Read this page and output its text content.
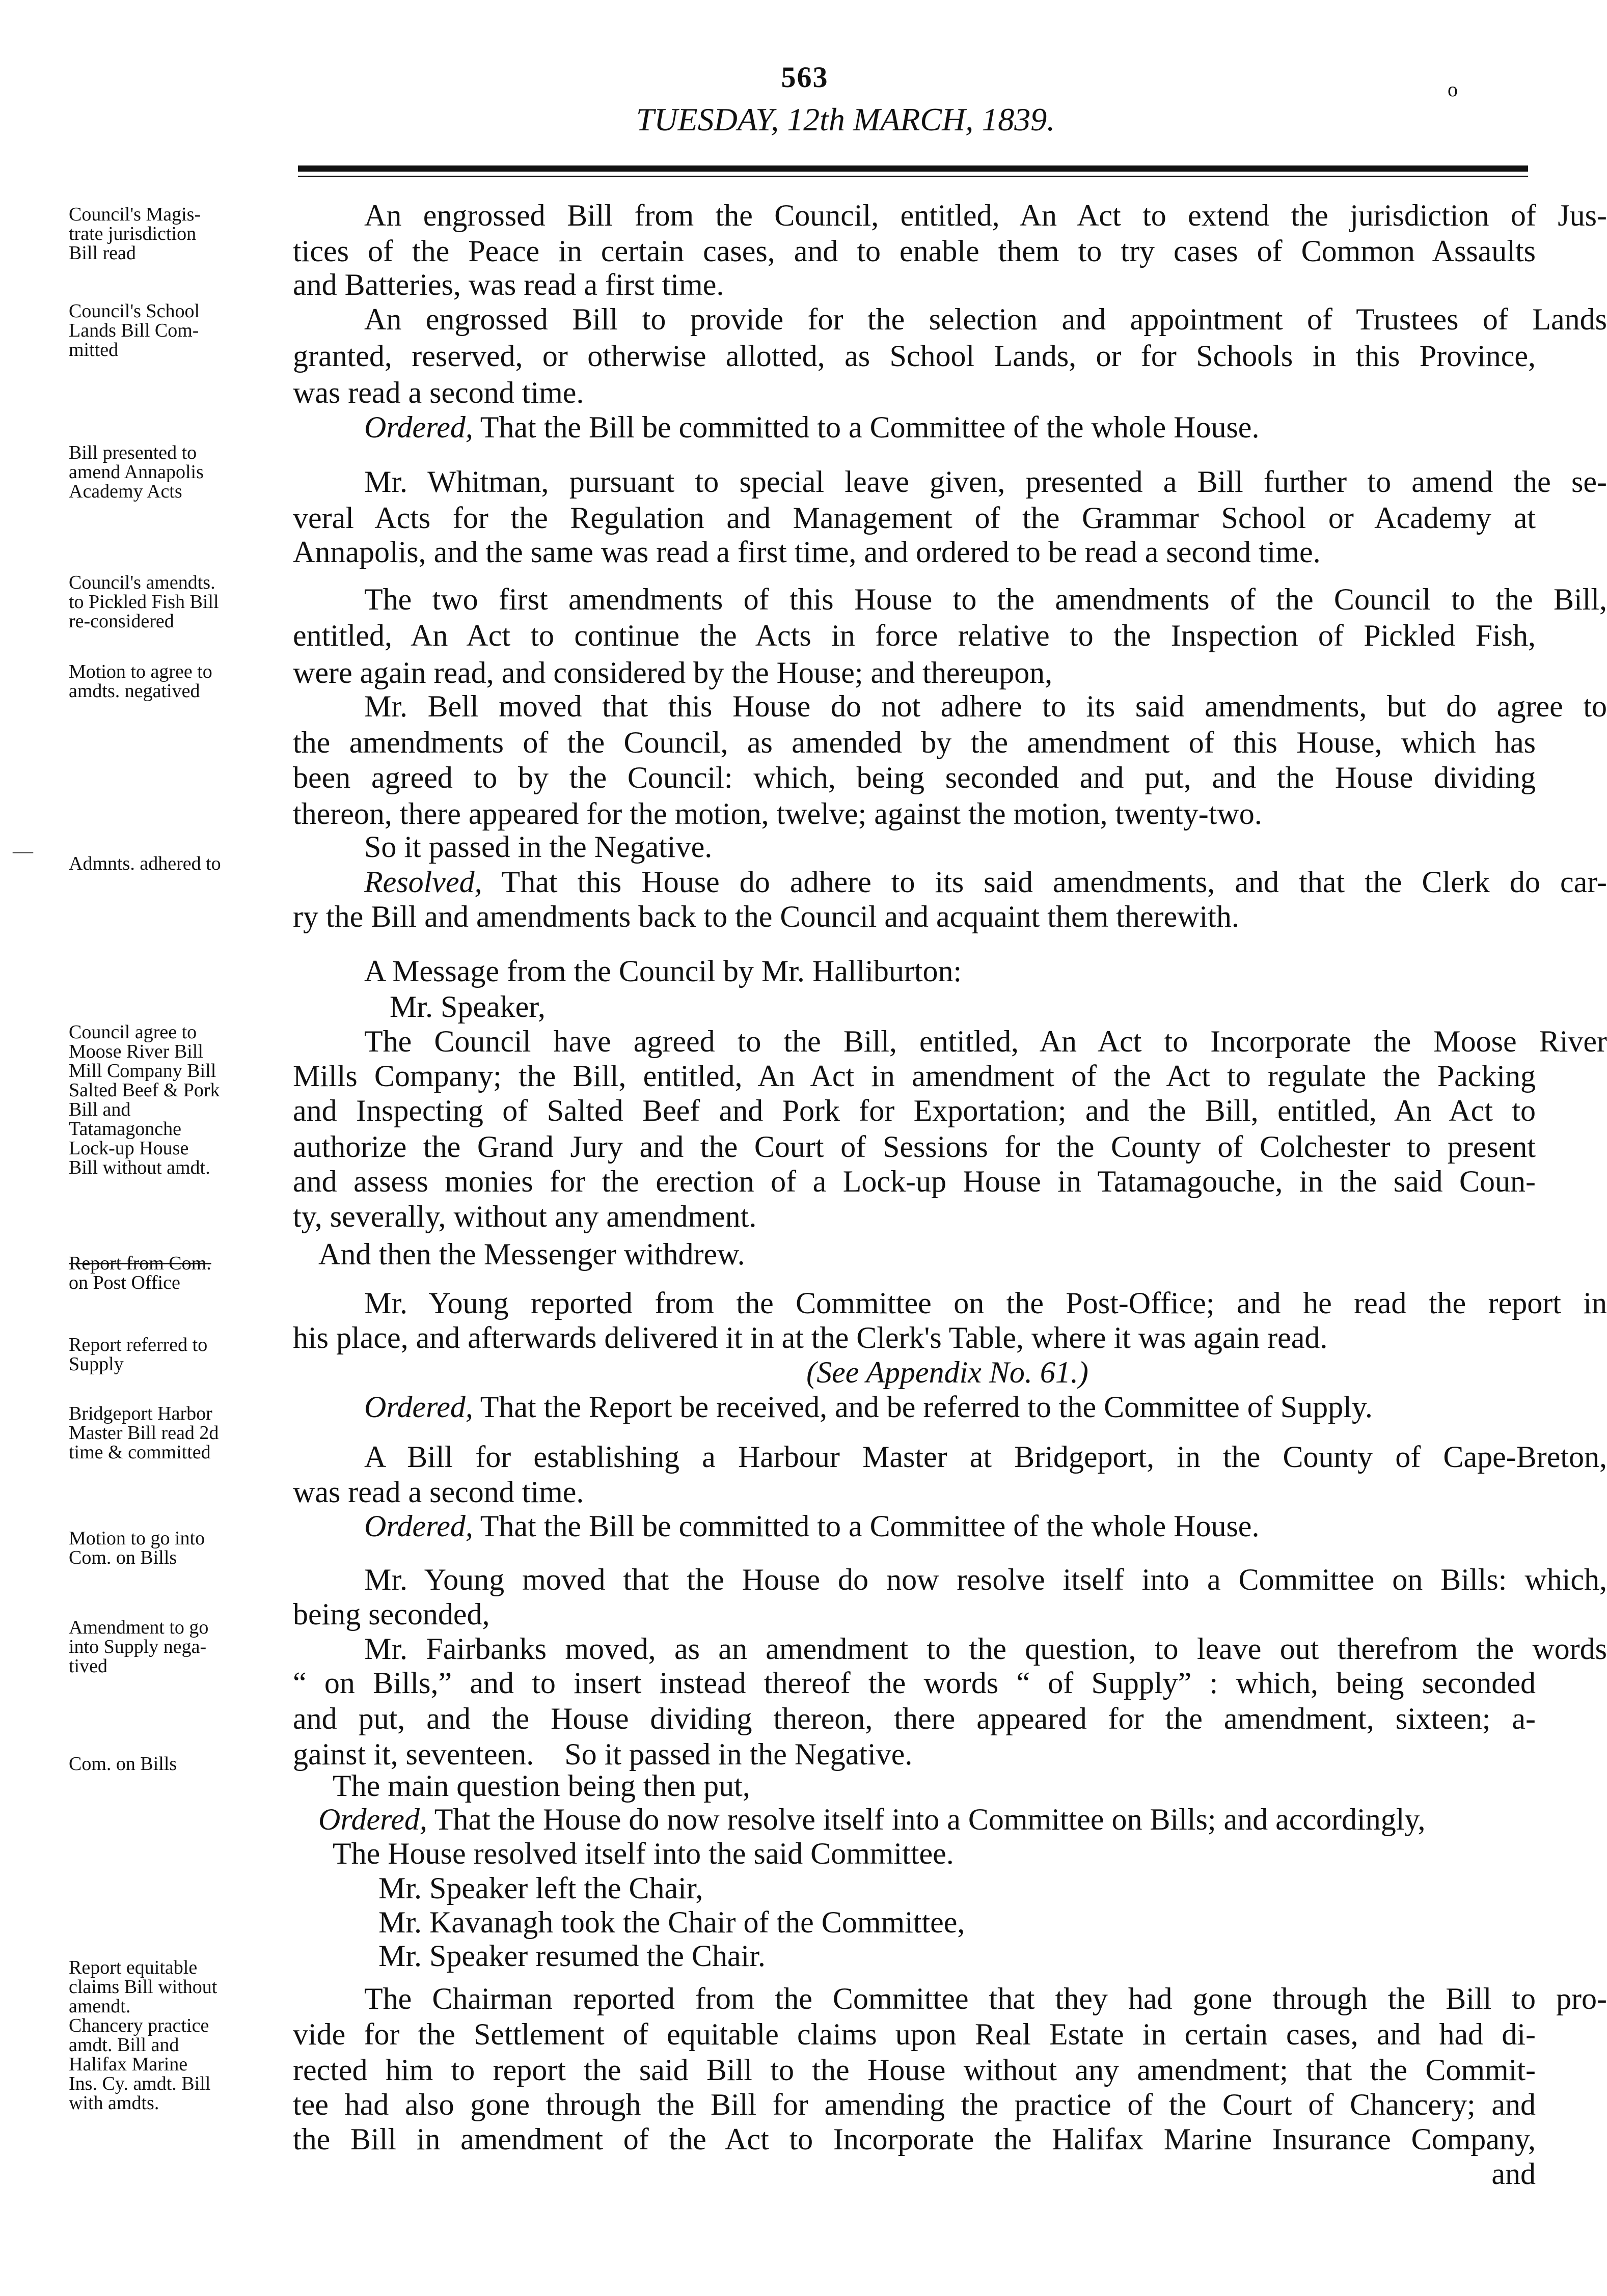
563	o
TUESDAY, 12th MARCH, 1839.
Council's Magis-
trate jurisdiction
Bill read
Council's School
Lands Bill Com-
mitted
Bill presented to
amend Annapolis
Academy Acts
Council's amendts.
to Pickled Fish Bill
re-considered
Motion to agree to
amdts. negatived
Admnts. adhered to
Council agree to
Moose River Bill
Mill Company Bill
Salted Beef & Pork
Bill and
Tatamagonche
Lock-up House
Bill without amdt.
—
Report from Com.
on Post Office
Report referred to
Supply
Bridgeport Harbor
Master Bill read 2d
time & committed
Motion to go into
Com. on Bills
Amendment to go
into Supply nega-
tived
Com. on Bills
Report equitable
claims Bill without
amendt.
Chancery practice
amdt. Bill and
Halifax Marine
Ins. Cy. amdt. Bill
with amdts.
An engrossed Bill from the Council, entitled, An Act to extend the jurisdiction of Jus-
tices of the Peace in certain cases, and to enable them to try cases of Common Assaults
and Batteries, was read a first time.
An engrossed Bill to provide for the selection and appointment of Trustees of Lands
granted, reserved, or otherwise allotted, as School Lands, or for Schools in this Province,
was read a second time.
Ordered, That the Bill be committed to a Committee of the whole House.
Mr. Whitman, pursuant to special leave given, presented a Bill further to amend the se-
veral Acts for the Regulation and Management of the Grammar School or Academy at
Annapolis, and the same was read a first time, and ordered to be read a second time.
The two first amendments of this House to the amendments of the Council to the Bill,
entitled, An Act to continue the Acts in force relative to the Inspection of Pickled Fish,
were again read, and considered by the House; and thereupon,
Mr. Bell moved that this House do not adhere to its said amendments, but do agree to
the amendments of the Council, as amended by the amendment of this House, which has
been agreed to by the Council: which, being seconded and put, and the House dividing
thereon, there appeared for the motion, twelve; against the motion, twenty-two.
So it passed in the Negative.
Resolved, That this House do adhere to its said amendments, and that the Clerk do car-
ry the Bill and amendments back to the Council and acquaint them therewith.
A Message from the Council by Mr. Halliburton:
Mr. Speaker,
The Council have agreed to the Bill, entitled, An Act to Incorporate the Moose River
Mills Company; the Bill, entitled, An Act in amendment of the Act to regulate the Packing
and Inspecting of Salted Beef and Pork for Exportation; and the Bill, entitled, An Act to
authorize the Grand Jury and the Court of Sessions for the County of Colchester to present
and assess monies for the erection of a Lock-up House in Tatamagouche, in the said Coun-
ty, severally, without any amendment.
And then the Messenger withdrew.
Mr. Young reported from the Committee on the Post-Office; and he read the report in
his place, and afterwards delivered it in at the Clerk's Table, where it was again read.
(See Appendix No. 61.)
Ordered, That the Report be received, and be referred to the Committee of Supply.
A Bill for establishing a Harbour Master at Bridgeport, in the County of Cape-Breton,
was read a second time.
Ordered, That the Bill be committed to a Committee of the whole House.
Mr. Young moved that the House do now resolve itself into a Committee on Bills: which,
being seconded,
Mr. Fairbanks moved, as an amendment to the question, to leave out therefrom the words
“ on Bills,” and to insert instead thereof the words “ of Supply” : which, being seconded
and put, and the House dividing thereon, there appeared for the amendment, sixteen; a-
gainst it, seventeen.    So it passed in the Negative.
The main question being then put,
Ordered, That the House do now resolve itself into a Committee on Bills; and accordingly,
The House resolved itself into the said Committee.
Mr. Speaker left the Chair,
Mr. Kavanagh took the Chair of the Committee,
Mr. Speaker resumed the Chair.
The Chairman reported from the Committee that they had gone through the Bill to pro-
vide for the Settlement of equitable claims upon Real Estate in certain cases, and had di-
rected him to report the said Bill to the House without any amendment; that the Commit-
tee had also gone through the Bill for amending the practice of the Court of Chancery; and
the Bill in amendment of the Act to Incorporate the Halifax Marine Insurance Company,
and
